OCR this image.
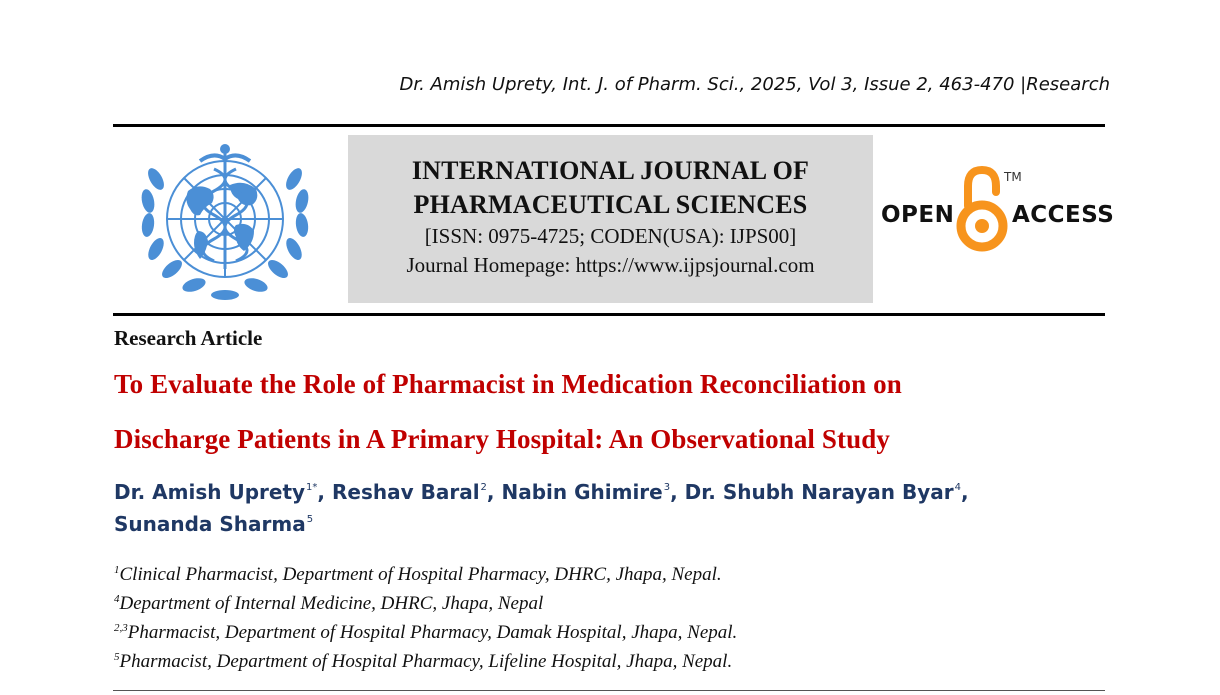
Dr. Amish Uprety, Int. J. of Pharm. Sci., 2025, Vol 3, Issue 2, 463-470 |Research
INTERNATIONAL JOURNAL OF
PHARMACEUTICAL SCIENCES
[ISSN: 0975-4725; CODEN(USA): IJPS00]
Journal Homepage: https://www.ijpsjournal.com
OPEN
TM
ACCESS
Research Article
To Evaluate the Role of Pharmacist in Medication Reconciliation on
Discharge Patients in A Primary Hospital: An Observational Study
Dr. Amish Uprety$^{1*}$, Reshav Baral$^2$, Nabin Ghimire$^3$, Dr. Shubh Narayan Byar$^4$,
Sunanda Sharma$^5$
$^1$Clinical Pharmacist, Department of Hospital Pharmacy, DHRC, Jhapa, Nepal.
$^4$Department of Internal Medicine, DHRC, Jhapa, Nepal
$^{2,3}$Pharmacist, Department of Hospital Pharmacy, Damak Hospital, Jhapa, Nepal.
$^5$Pharmacist, Department of Hospital Pharmacy, Lifeline Hospital, Jhapa, Nepal.
